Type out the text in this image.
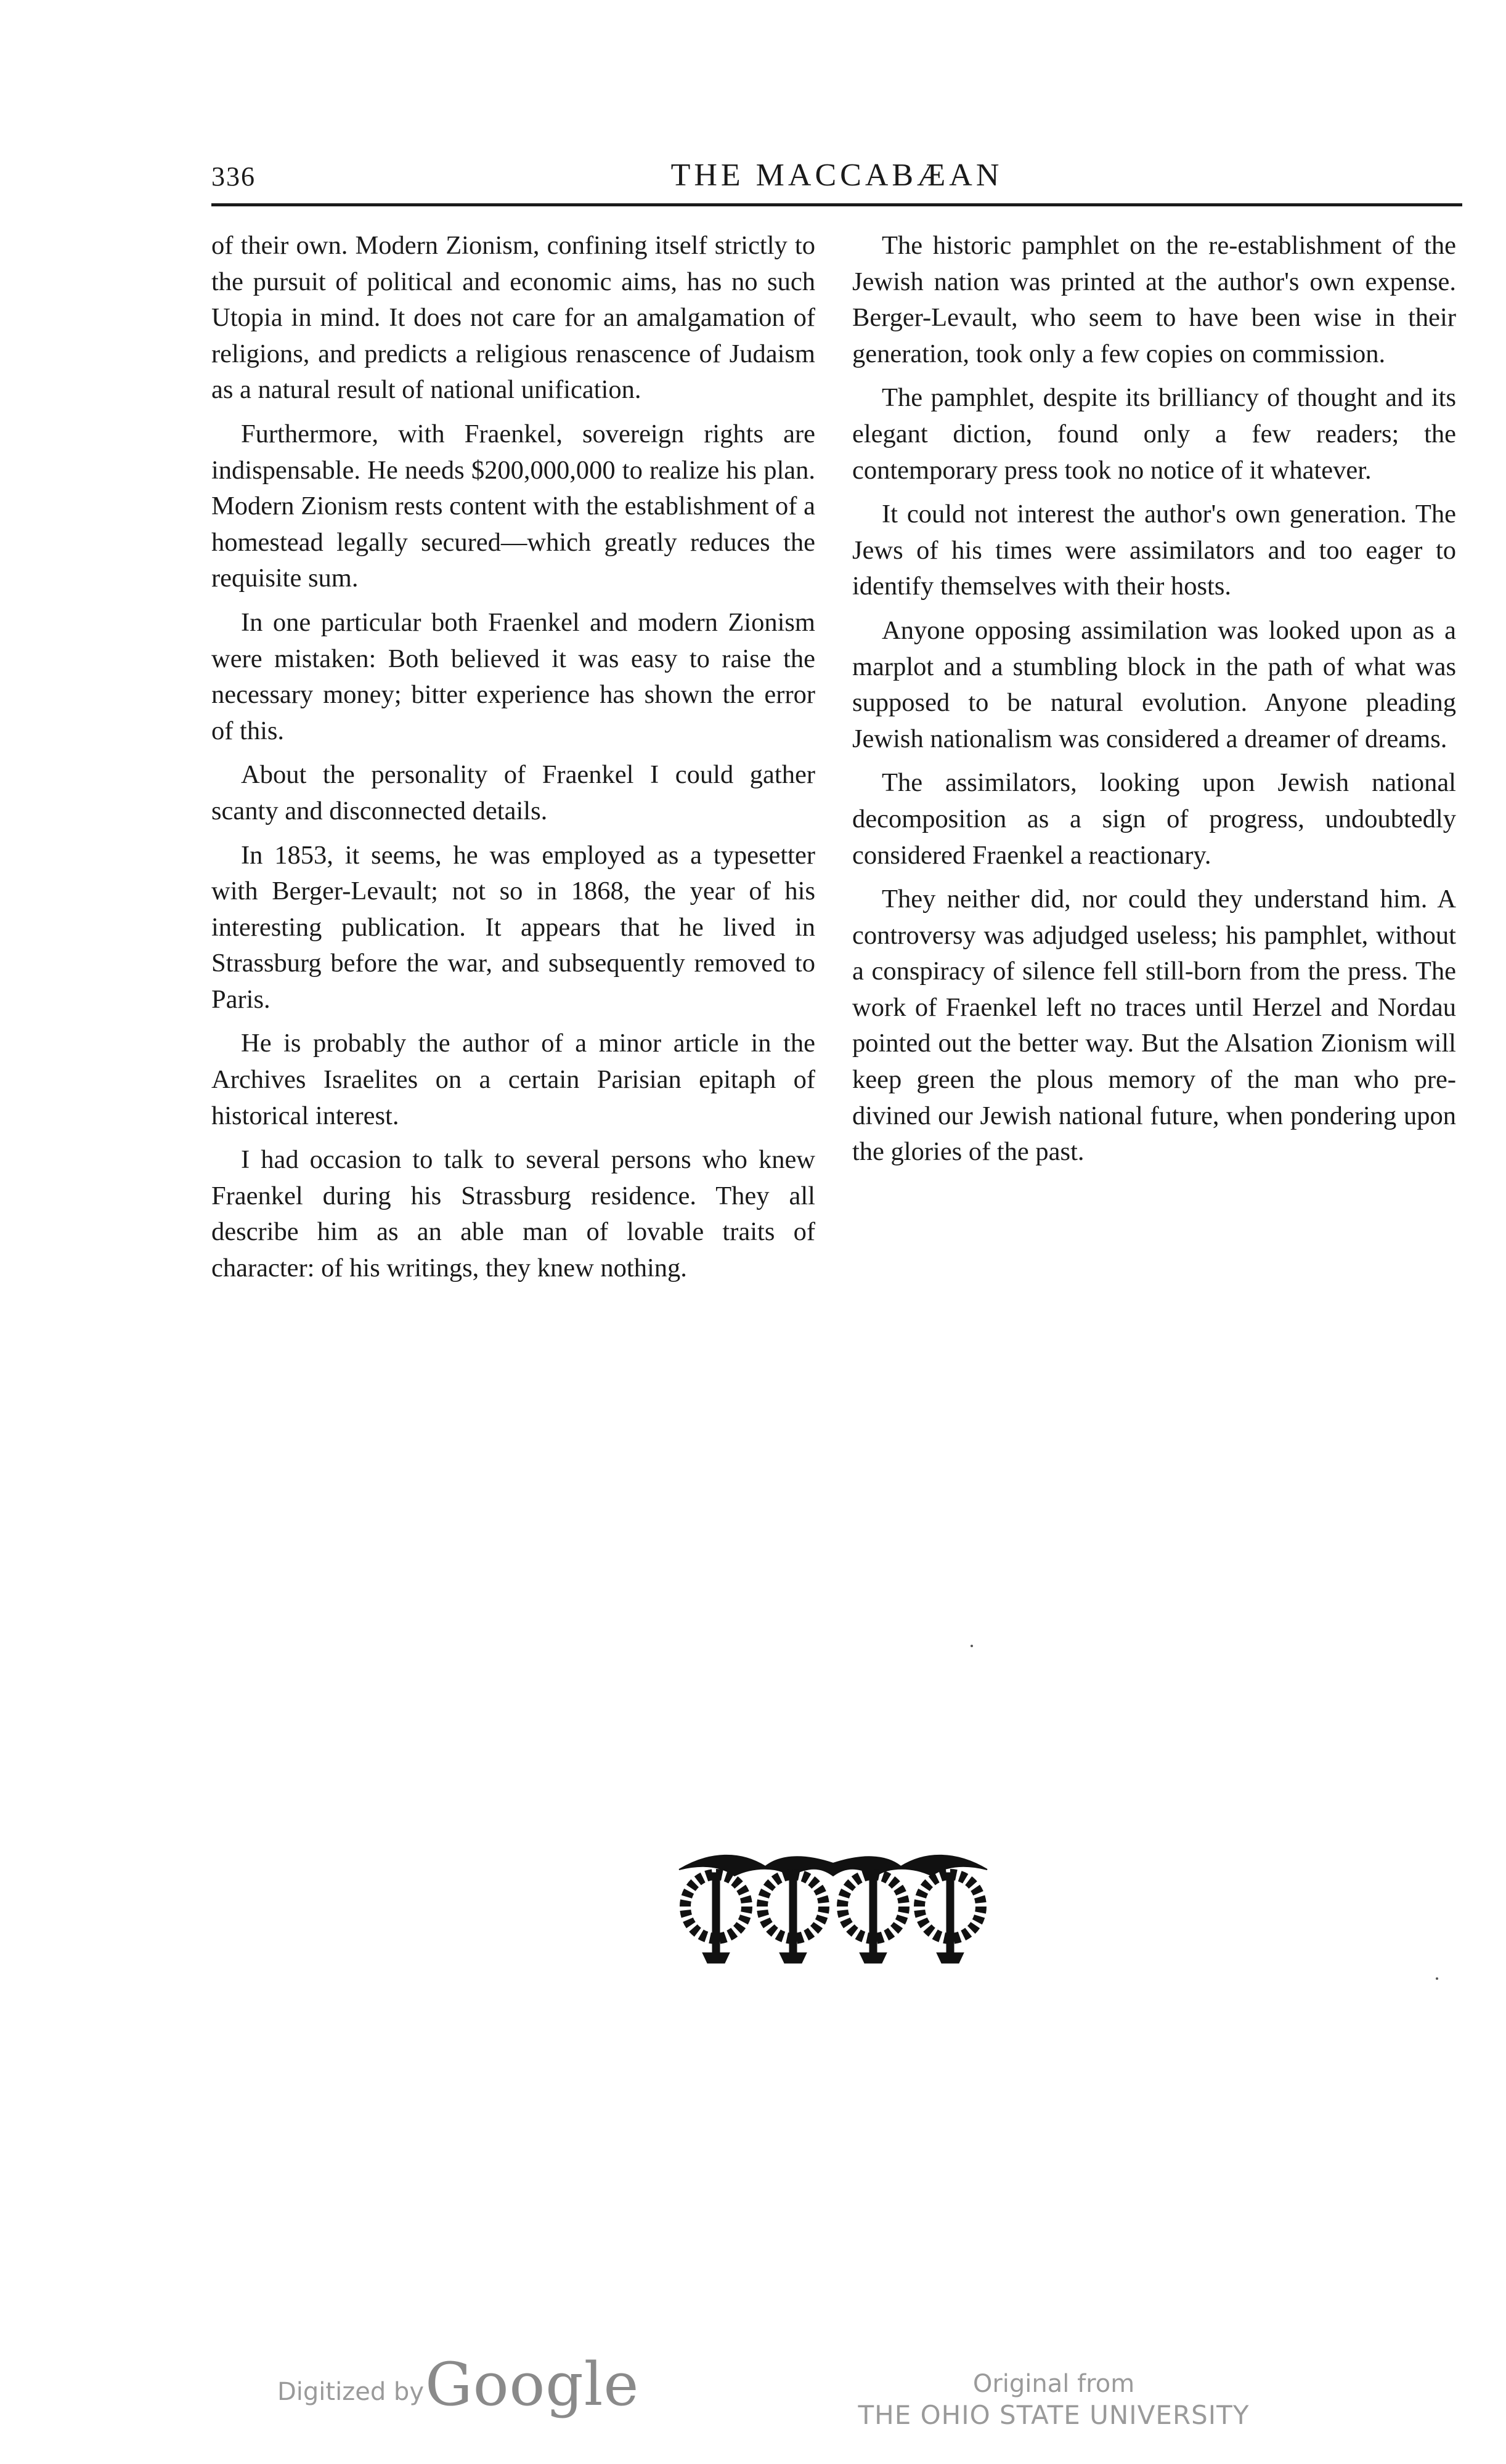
336	THE MACCABÆAN

of their own. Modern Zionism, confining itself strictly to the pursuit of political and economic aims, has no such Utopia in mind. It does not care for an amalgamation of religions, and predicts a religious renascence of Judaism as a natural result of national unification.

Furthermore, with Fraenkel, sovereign rights are indispensable. He needs $200,000,000 to realize his plan. Modern Zionism rests content with the establishment of a homestead legally secured—which greatly reduces the requisite sum.

In one particular both Fraenkel and modern Zionism were mistaken: Both believed it was easy to raise the necessary money; bitter experience has shown the error of this.

About the personality of Fraenkel I could gather scanty and disconnected details.

In 1853, it seems, he was employed as a typesetter with Berger-Levault; not so in 1868, the year of his interesting publication. It appears that he lived in Strassburg before the war, and subsequently removed to Paris.

He is probably the author of a minor article in the Archives Israelites on a certain Parisian epitaph of historical interest.

I had occasion to talk to several persons who knew Fraenkel during his Strassburg residence. They all describe him as an able man of lovable traits of character: of his writings, they knew nothing.

The historic pamphlet on the re-establishment of the Jewish nation was printed at the author's own expense. Berger-Levault, who seem to have been wise in their generation, took only a few copies on commission.

The pamphlet, despite its brilliancy of thought and its elegant diction, found only a few readers; the contemporary press took no notice of it whatever.

It could not interest the author's own generation. The Jews of his times were assimilators and too eager to identify themselves with their hosts.

Anyone opposing assimilation was looked upon as a marplot and a stumbling block in the path of what was supposed to be natural evolution. Anyone pleading Jewish nationalism was considered a dreamer of dreams.

The assimilators, looking upon Jewish national decomposition as a sign of progress, undoubtedly considered Fraenkel a reactionary.

They neither did, nor could they understand him. A controversy was adjudged useless; his pamphlet, without a conspiracy of silence fell still-born from the press. The work of Fraenkel left no traces until Herzel and Nordau pointed out the better way. But the Alsation Zionism will keep green the plous memory of the man who pre-divined our Jewish national future, when pondering upon the glories of the past.

Digitized by Google	Original from
THE OHIO STATE UNIVERSITY
